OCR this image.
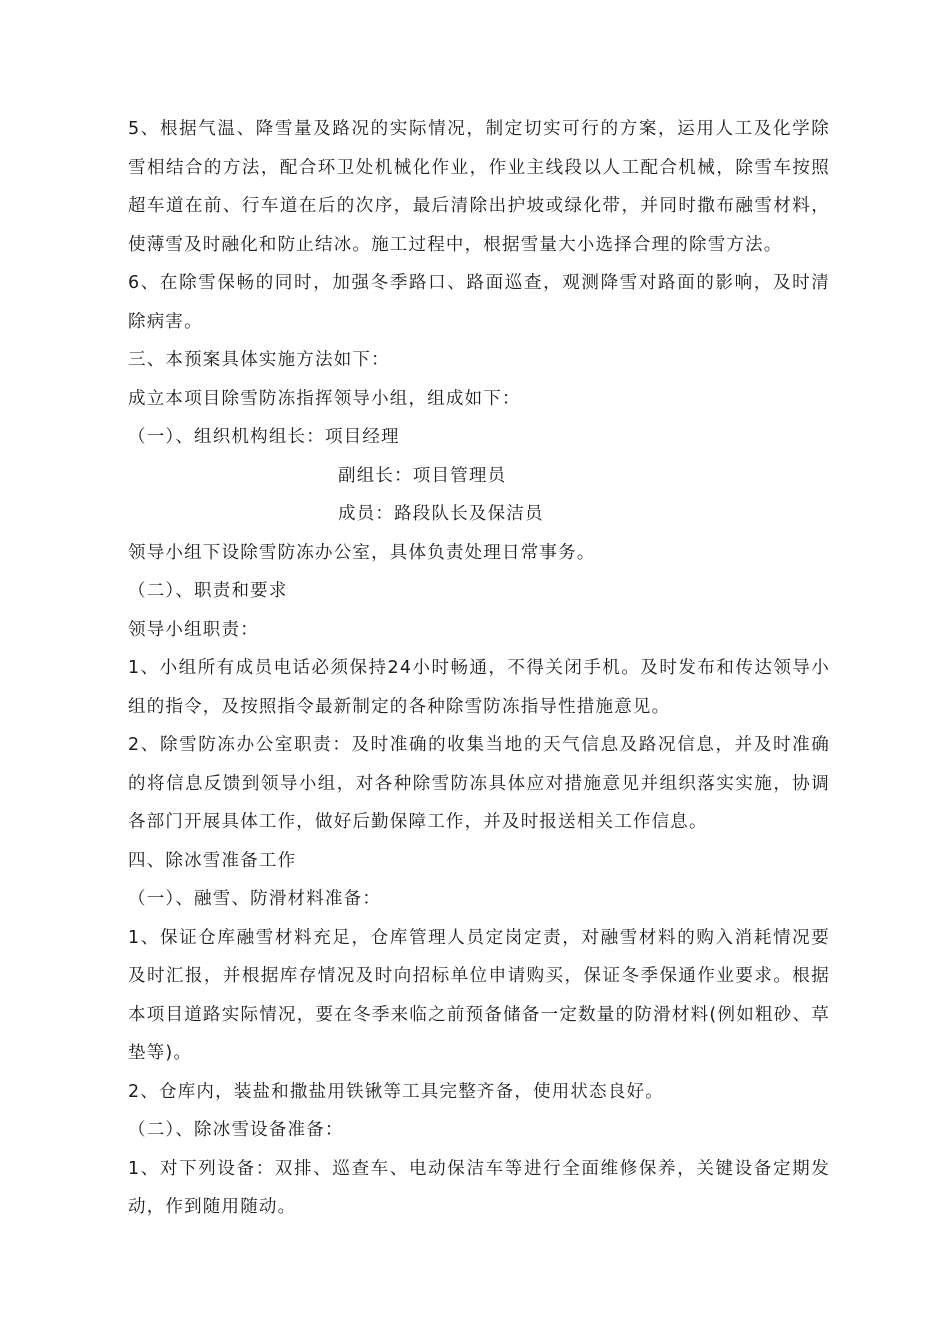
5、根据气温、降雪量及路况的实际情况，制定切实可行的方案，运用人工及化学除雪相结合的方法，配合环卫处机械化作业，作业主线段以人工配合机械，除雪车按照超车道在前、行车道在后的次序，最后清除出护坡或绿化带，并同时撒布融雪材料，使薄雪及时融化和防止结冰。施工过程中，根据雪量大小选择合理的除雪方法。

6、在除雪保畅的同时，加强冬季路口、路面巡查，观测降雪对路面的影响，及时清除病害。

三、本预案具体实施方法如下：

成立本项目除雪防冻指挥领导小组，组成如下：

（一）、组织机构组长：项目经理

副组长：项目管理员

成员：路段队长及保洁员

领导小组下设除雪防冻办公室，具体负责处理日常事务。

（二）、职责和要求

领导小组职责：

1、小组所有成员电话必须保持24小时畅通，不得关闭手机。及时发布和传达领导小组的指令，及按照指令最新制定的各种除雪防冻指导性措施意见。

2、除雪防冻办公室职责：及时准确的收集当地的天气信息及路况信息，并及时准确的将信息反馈到领导小组，对各种除雪防冻具体应对措施意见并组织落实实施，协调各部门开展具体工作，做好后勤保障工作，并及时报送相关工作信息。

四、除冰雪准备工作

（一）、融雪、防滑材料准备：

1、保证仓库融雪材料充足，仓库管理人员定岗定责，对融雪材料的购入消耗情况要及时汇报，并根据库存情况及时向招标单位申请购买，保证冬季保通作业要求。根据本项目道路实际情况，要在冬季来临之前预备储备一定数量的防滑材料(例如粗砂、草垫等)。

2、仓库内，装盐和撒盐用铁锹等工具完整齐备，使用状态良好。

（二）、除冰雪设备准备：

1、对下列设备：双排、巡查车、电动保洁车等进行全面维修保养，关键设备定期发动，作到随用随动。
